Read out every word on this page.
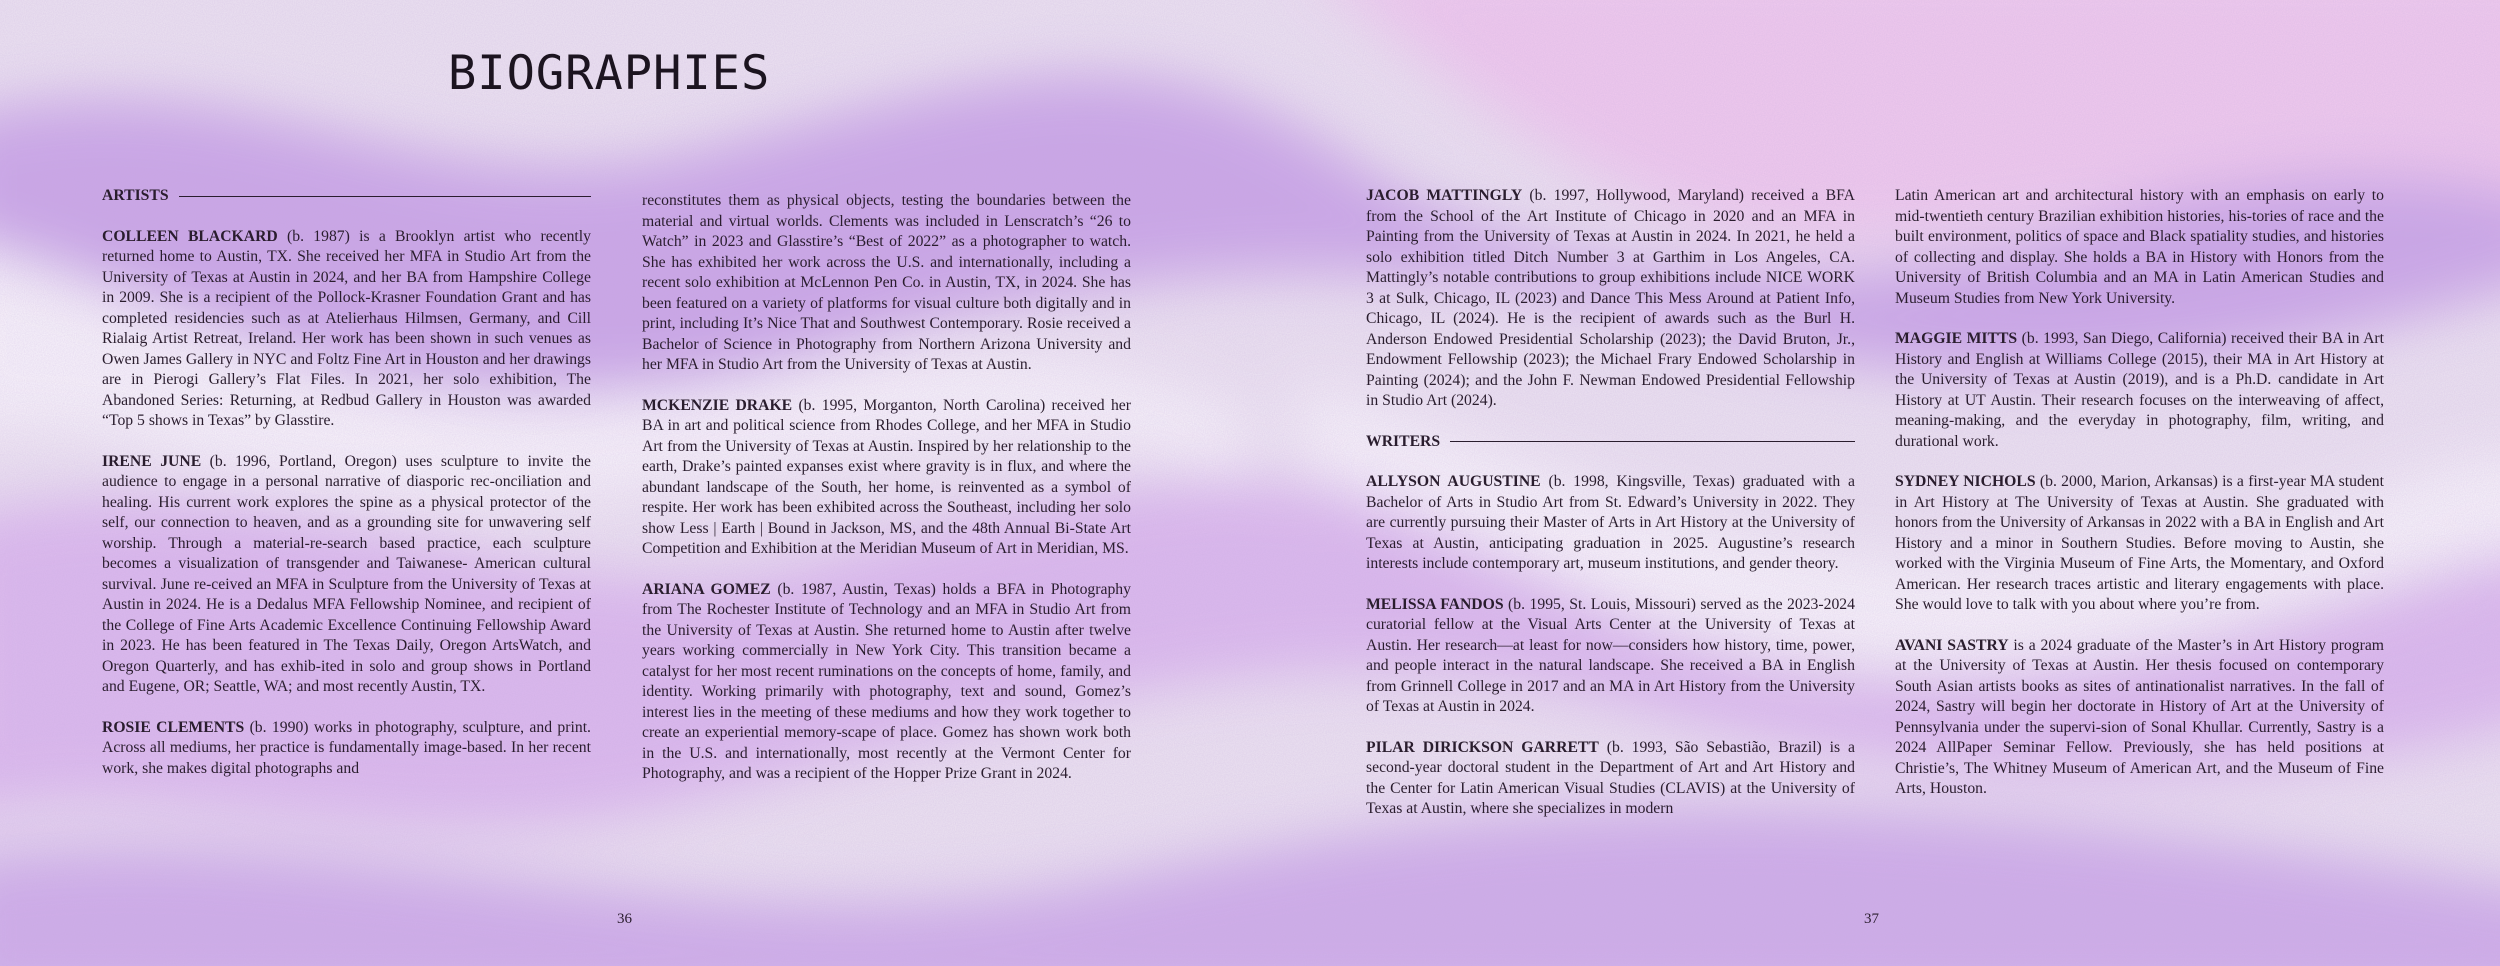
BIOGRAPHIES
ARTISTS

COLLEEN BLACKARD (b. 1987) is a Brooklyn artist who recently returned home to Austin, TX. She received her MFA in Studio Art from the University of Texas at Austin in 2024, and her BA from Hampshire College in 2009. She is a recipient of the Pollock-Krasner Foundation Grant and has completed residencies such as at Atelierhaus Hilmsen, Germany, and Cill Rialaig Artist Retreat, Ireland. Her work has been shown in such venues as Owen James Gallery in NYC and Foltz Fine Art in Houston and her drawings are in Pierogi Gallery’s Flat Files. In 2021, her solo exhibition, The Abandoned Series: Returning, at Redbud Gallery in Houston was awarded “Top 5 shows in Texas” by Glasstire.

IRENE JUNE (b. 1996, Portland, Oregon) uses sculpture to invite the audience to engage in a personal narrative of diasporic rec-onciliation and healing. His current work explores the spine as a physical protector of the self, our connection to heaven, and as a grounding site for unwavering self worship. Through a material-re-search based practice, each sculpture becomes a visualization of transgender and Taiwanese- American cultural survival. June re-ceived an MFA in Sculpture from the University of Texas at Austin in 2024. He is a Dedalus MFA Fellowship Nominee, and recipient of the College of Fine Arts Academic Excellence Continuing Fellowship Award in 2023. He has been featured in The Texas Daily, Oregon ArtsWatch, and Oregon Quarterly, and has exhib-ited in solo and group shows in Portland and Eugene, OR; Seattle, WA; and most recently Austin, TX.

ROSIE CLEMENTS (b. 1990) works in photography, sculpture, and print. Across all mediums, her practice is fundamentally image-based. In her recent work, she makes digital photographs and

reconstitutes them as physical objects, testing the boundaries between the material and virtual worlds. Clements was included in Lenscratch’s “26 to Watch” in 2023 and Glasstire’s “Best of 2022” as a photographer to watch. She has exhibited her work across the U.S. and internationally, including a recent solo exhibition at McLennon Pen Co. in Austin, TX, in 2024. She has been featured on a variety of platforms for visual culture both digitally and in print, including It’s Nice That and Southwest Contemporary. Rosie received a Bachelor of Science in Photography from Northern Arizona University and her MFA in Studio Art from the University of Texas at Austin.

MCKENZIE DRAKE (b. 1995, Morganton, North Carolina) received her BA in art and political science from Rhodes College, and her MFA in Studio Art from the University of Texas at Austin. Inspired by her relationship to the earth, Drake’s painted expanses exist where gravity is in flux, and where the abundant landscape of the South, her home, is reinvented as a symbol of respite. Her work has been exhibited across the Southeast, including her solo show Less | Earth | Bound in Jackson, MS, and the 48th Annual Bi-State Art Competition and Exhibition at the Meridian Museum of Art in Meridian, MS.

ARIANA GOMEZ (b. 1987, Austin, Texas) holds a BFA in Photography from The Rochester Institute of Technology and an MFA in Studio Art from the University of Texas at Austin. She returned home to Austin after twelve years working commercially in New York City. This transition became a catalyst for her most recent ruminations on the concepts of home, family, and identity. Working primarily with photography, text and sound, Gomez’s interest lies in the meeting of these mediums and how they work together to create an experiential memory-scape of place. Gomez has shown work both in the U.S. and internationally, most recently at the Vermont Center for Photography, and was a recipient of the Hopper Prize Grant in 2024.

36

JACOB MATTINGLY (b. 1997, Hollywood, Maryland) received a BFA from the School of the Art Institute of Chicago in 2020 and an MFA in Painting from the University of Texas at Austin in 2024. In 2021, he held a solo exhibition titled Ditch Number 3 at Garthim in Los Angeles, CA. Mattingly’s notable contributions to group exhibitions include NICE WORK 3 at Sulk, Chicago, IL (2023) and Dance This Mess Around at Patient Info, Chicago, IL (2024). He is the recipient of awards such as the Burl H. Anderson Endowed Presidential Scholarship (2023); the David Bruton, Jr., Endowment Fellowship (2023); the Michael Frary Endowed Scholarship in Painting (2024); and the John F. Newman Endowed Presidential Fellowship in Studio Art (2024).

WRITERS

ALLYSON AUGUSTINE (b. 1998, Kingsville, Texas) graduated with a Bachelor of Arts in Studio Art from St. Edward’s University in 2022. They are currently pursuing their Master of Arts in Art History at the University of Texas at Austin, anticipating graduation in 2025. Augustine’s research interests include contemporary art, museum institutions, and gender theory.

MELISSA FANDOS (b. 1995, St. Louis, Missouri) served as the 2023-2024 curatorial fellow at the Visual Arts Center at the University of Texas at Austin. Her research—at least for now—considers how history, time, power, and people interact in the natural landscape. She received a BA in English from Grinnell College in 2017 and an MA in Art History from the University of Texas at Austin in 2024.

PILAR DIRICKSON GARRETT (b. 1993, São Sebastião, Brazil) is a second-year doctoral student in the Department of Art and Art History and the Center for Latin American Visual Studies (CLAVIS) at the University of Texas at Austin, where she specializes in modern

Latin American art and architectural history with an emphasis on early to mid-twentieth century Brazilian exhibition histories, his-tories of race and the built environment, politics of space and Black spatiality studies, and histories of collecting and display. She holds a BA in History with Honors from the University of British Columbia and an MA in Latin American Studies and Museum Studies from New York University.

MAGGIE MITTS (b. 1993, San Diego, California) received their BA in Art History and English at Williams College (2015), their MA in Art History at the University of Texas at Austin (2019), and is a Ph.D. candidate in Art History at UT Austin. Their research focuses on the interweaving of affect, meaning-making, and the everyday in photography, film, writing, and durational work.

SYDNEY NICHOLS (b. 2000, Marion, Arkansas) is a first-year MA student in Art History at The University of Texas at Austin. She graduated with honors from the University of Arkansas in 2022 with a BA in English and Art History and a minor in Southern Studies. Before moving to Austin, she worked with the Virginia Museum of Fine Arts, the Momentary, and Oxford American. Her research traces artistic and literary engagements with place. She would love to talk with you about where you’re from.

AVANI SASTRY is a 2024 graduate of the Master’s in Art History program at the University of Texas at Austin. Her thesis focused on contemporary South Asian artists books as sites of antinationalist narratives. In the fall of 2024, Sastry will begin her doctorate in History of Art at the University of Pennsylvania under the supervi-sion of Sonal Khullar. Currently, Sastry is a 2024 AllPaper Seminar Fellow. Previously, she has held positions at Christie’s, The Whitney Museum of American Art, and the Museum of Fine Arts, Houston.

37
